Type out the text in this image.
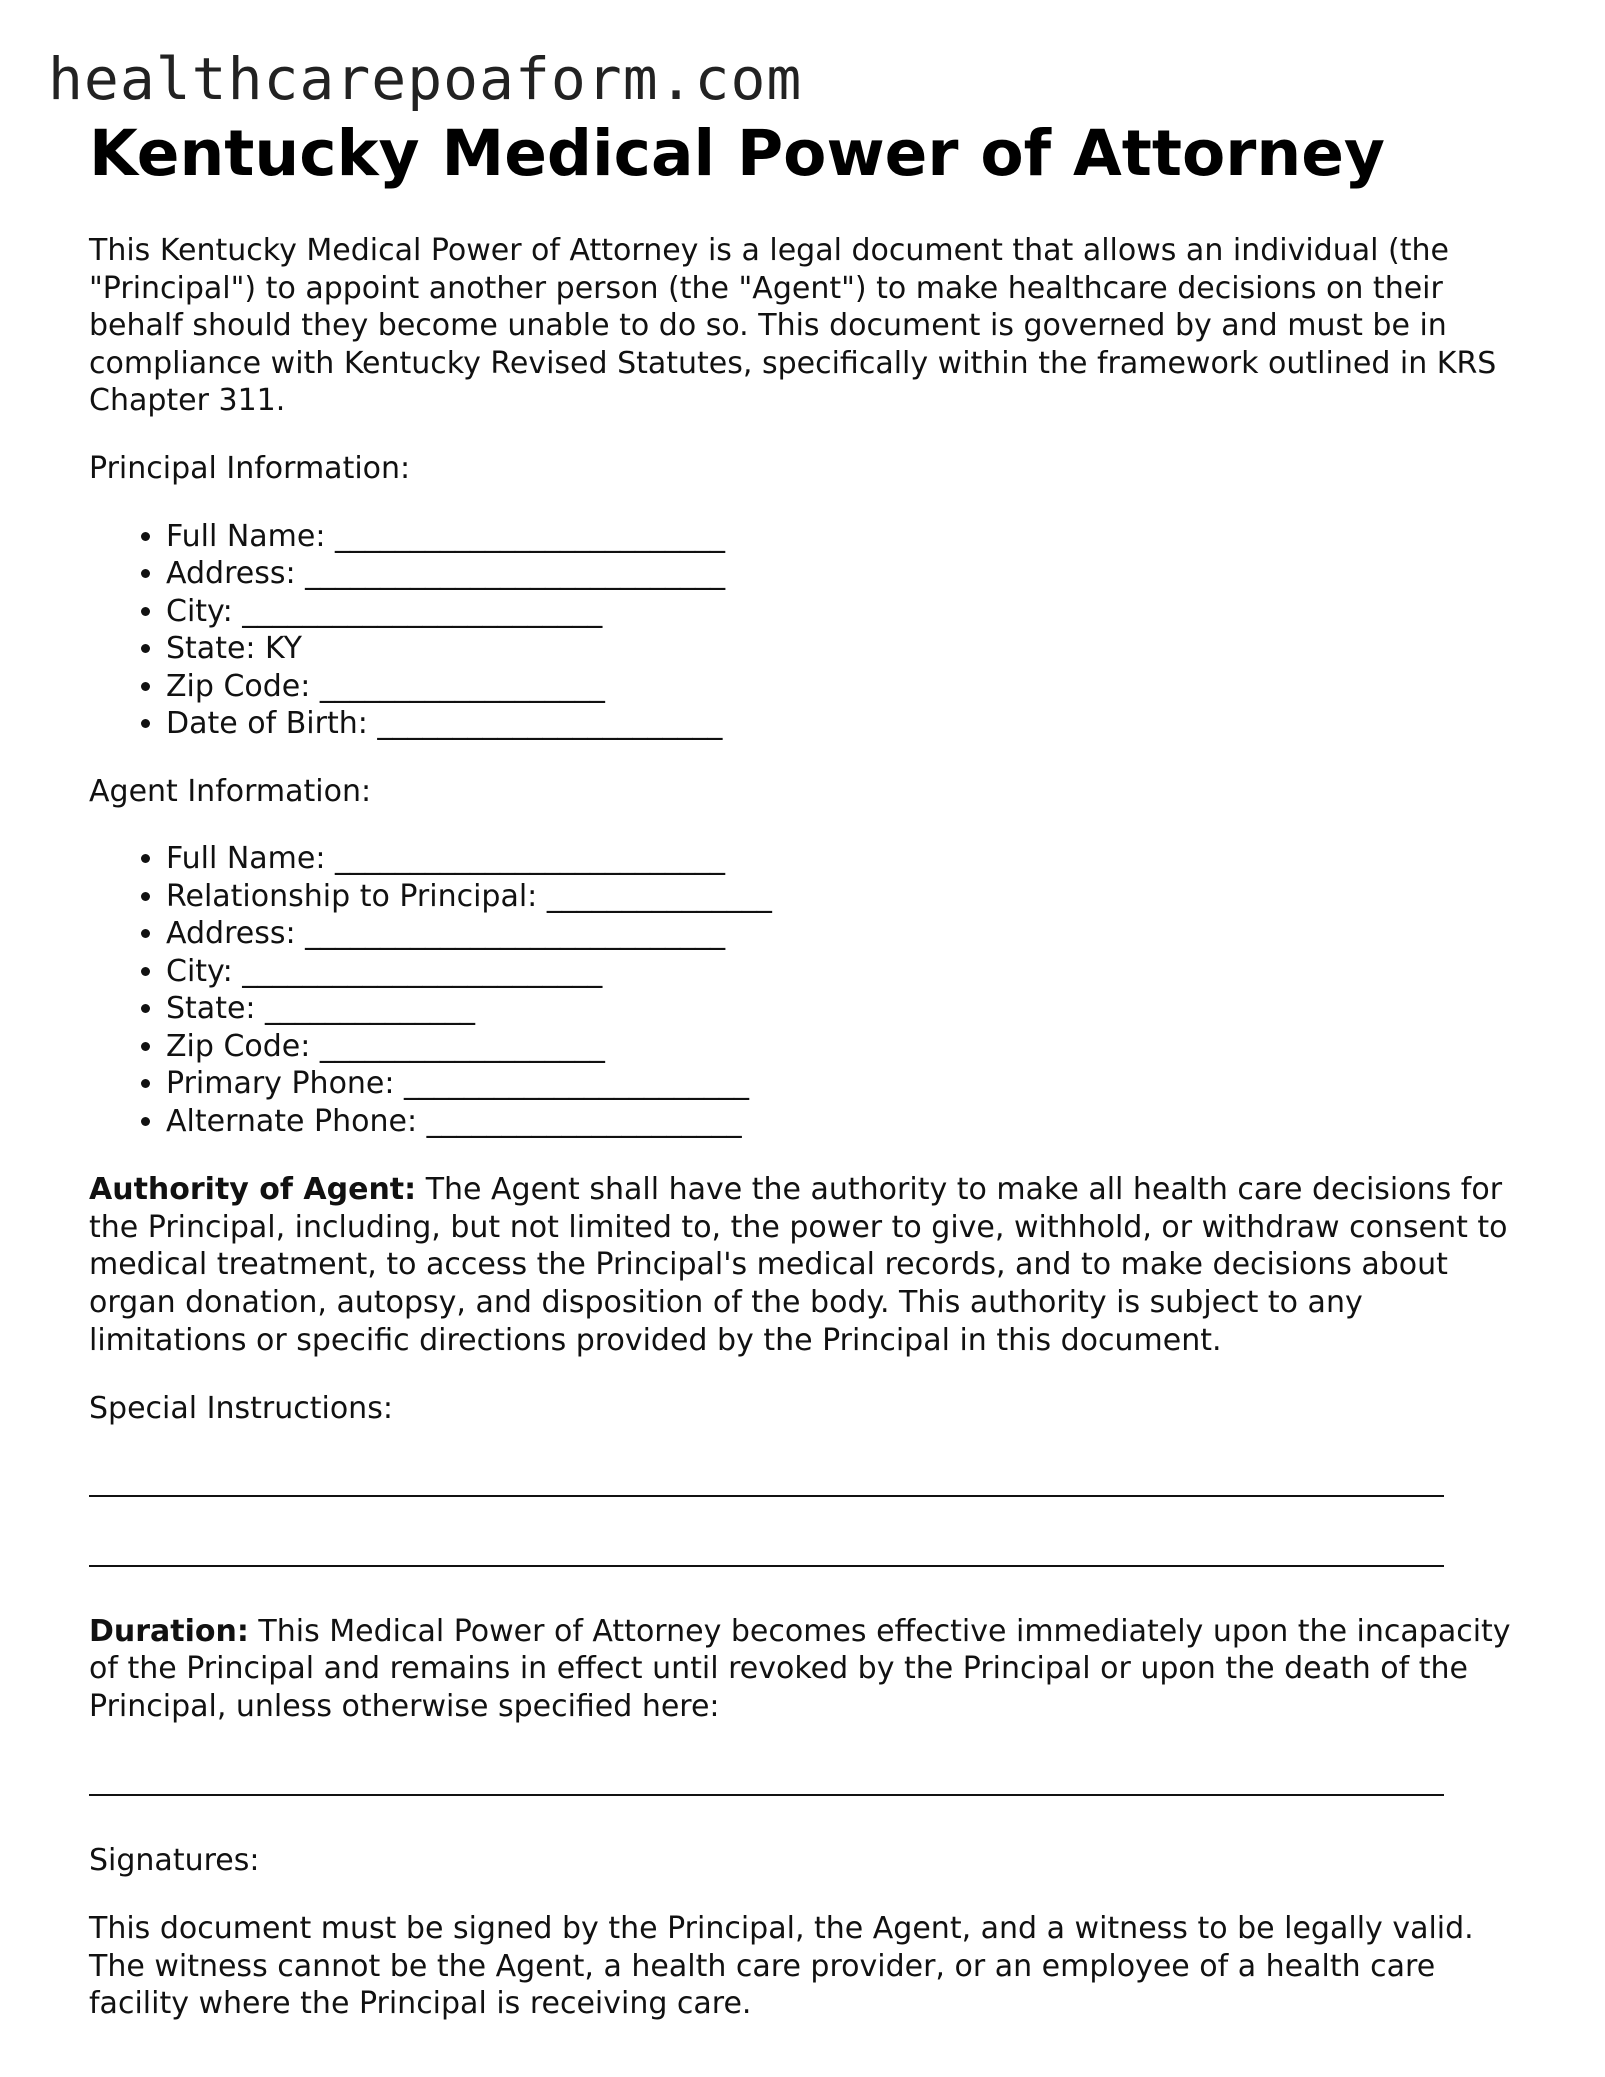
healthcarepoaform.com
Kentucky Medical Power of Attorney

This Kentucky Medical Power of Attorney is a legal document that allows an individual (the "Principal") to appoint another person (the "Agent") to make healthcare decisions on their behalf should they become unable to do so. This document is governed by and must be in compliance with Kentucky Revised Statutes, specifically within the framework outlined in KRS Chapter 311.

Principal Information:

• Full Name: __________________________
• Address: ____________________________
• City: ________________________
• State: KY
• Zip Code: ___________________
• Date of Birth: _______________________

Agent Information:

• Full Name: __________________________
• Relationship to Principal: _______________
• Address: ____________________________
• City: ________________________
• State: ______________
• Zip Code: ___________________
• Primary Phone: _______________________
• Alternate Phone: _____________________

Authority of Agent: The Agent shall have the authority to make all health care decisions for the Principal, including, but not limited to, the power to give, withhold, or withdraw consent to medical treatment, to access the Principal's medical records, and to make decisions about organ donation, autopsy, and disposition of the body. This authority is subject to any limitations or specific directions provided by the Principal in this document.

Special Instructions:

Duration: This Medical Power of Attorney becomes effective immediately upon the incapacity of the Principal and remains in effect until revoked by the Principal or upon the death of the Principal, unless otherwise specified here:

Signatures:

This document must be signed by the Principal, the Agent, and a witness to be legally valid. The witness cannot be the Agent, a health care provider, or an employee of a health care facility where the Principal is receiving care.
